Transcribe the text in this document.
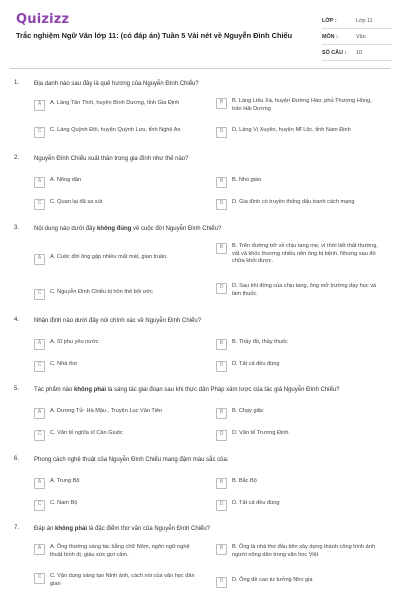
Quizizz
Trắc nghiệm Ngữ Văn lớp 11: (có đáp án) Tuần 5 Vài nét về Nguyễn Đình Chiểu
LỚP :	Lớp 11
MÔN :	Văn
SỐ CÂU :	10
1. Địa danh nào sau đây là quê hương của Nguyễn Đình Chiểu?
A	A. Làng Tân Thới, huyện Bình Dương, tỉnh Gia Định	B	B. Làng Liêu Xá, huyện Đường Hào, phủ Thượng Hồng, trấn Hải Dương
C	C. Làng Quỳnh Đôi, huyện Quỳnh Lưu, tỉnh Nghệ An	D	D. Làng Vị Xuyên, huyện Mĩ Lộc, tỉnh Nam Định
2. Nguyễn Đình Chiểu xuất thân trong gia đình như thế nào?
A	A. Nông dân	B	B. Nho giáo
C	C. Quan lại đã sa sút	D	D. Gia đình có truyền thống đấu tranh cách mạng
3. Nội dung nào dưới đây không đúng về cuộc đời Nguyễn Đình Chiểu?
A	A. Cuộc đời ông gặp nhiều mất mát, gian truân.
B	B. Trên đường trở về chịu tang mẹ, vì thời tiết thất thường, vất vả khóc thương nhiều nên ông bị bệnh. Nhưng sau đó chữa khỏi được.
C	C. Nguyễn Đình Chiểu bị hôn thê bội ước
D	D. Sau khi đồng của chịu tang, ông mở trường dạy học và làm thuốc.
4. Nhận định nào dưới đây nói chính xác về Nguyễn Đình Chiểu?
A	A. Sĩ phu yêu nước	B	B. Thầy đồ, thầy thuốc
C	C. Nhà thơ	D	D. Tất cả đều đúng
5. Tác phẩm nào không phải là sáng tác giai đoạn sau khi thực dân Pháp xâm lược của tác giả Nguyễn Đình Chiểu?
A	A. Dương Tử- Hà Mậu , Truyện Lục Vân Tiên	B	B. Chạy giặc
C	C. Văn tế nghĩa sĩ Cần Giuộc	D	D. Văn tế Trương Định
6. Phong cách nghệ thuật của Nguyễn Đình Chiểu mang đậm màu sắc của:
A	A. Trung Bộ	B	B. Bắc Bộ
C	C. Nam Bộ	D	D. Tất cả đều đúng
7. Đáp án không phải là đặc điểm thơ văn của Nguyễn Đình Chiểu?
A	A. Ông thường sáng tác bằng chữ Nôm, ngôn ngữ nghệ thuật bình dị, giàu sức gợi cảm.
B	B. Ông là nhà thơ đầu tiên xây dựng thành công hình ảnh người nông dân trong văn học Việt
C	C. Vận dụng sáng tạo Ninh ảnh, cách nói của văn học dân gian	D	D. Ông đề cao tư tưởng Nho gia
